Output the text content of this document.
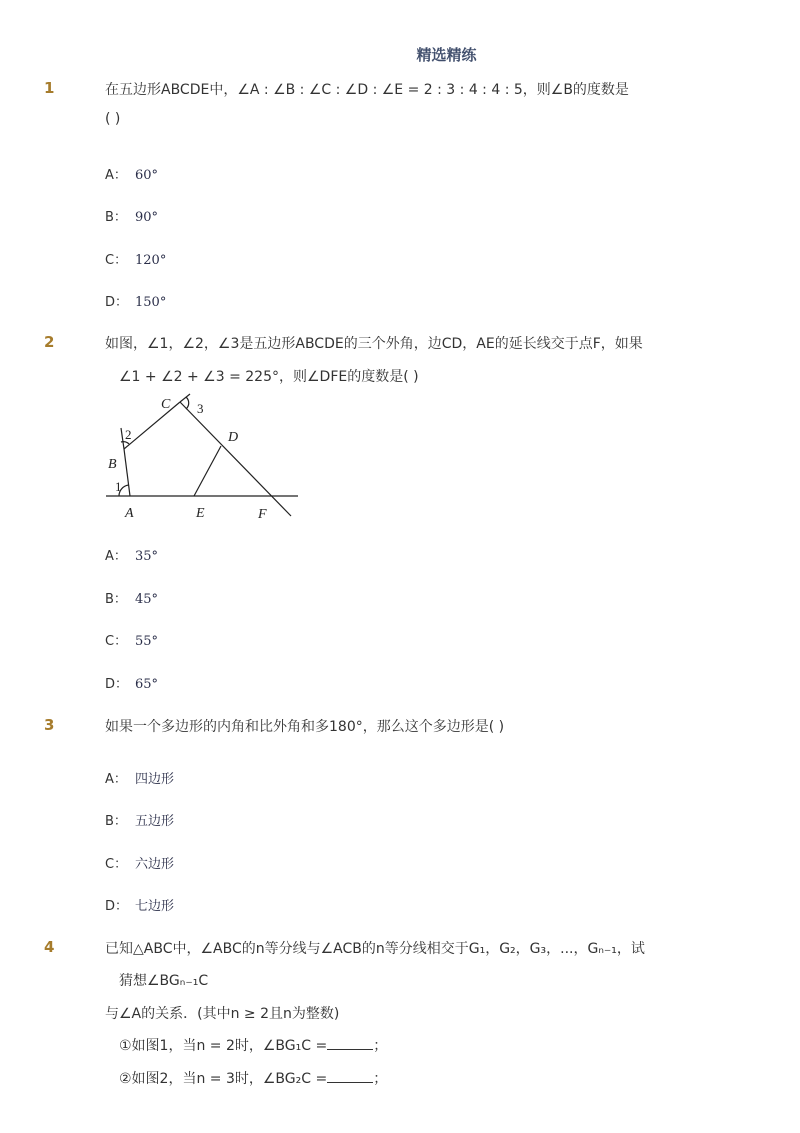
精选精练
1	在五边形ABCDE中，∠A : ∠B : ∠C : ∠D : ∠E = 2 : 3 : 4 : 4 : 5，则∠B的度数是
( )
A： 60°
B： 90°
C： 120°
D： 150°
2	如图，∠1，∠2，∠3是五边形ABCDE的三个外角，边CD，AE的延长线交于点F，如果
∠1 + ∠2 + ∠3 = 225°，则∠DFE的度数是( )
A
B
C
D
E	F
1
2
3
A： 35°
B： 45°
C： 55°
D： 65°
3	如果一个多边形的内角和比外角和多180°，那么这个多边形是( )
A： 四边形
B： 五边形
C： 六边形
D： 七边形
4	已知△ABC中，∠ABC的n等分线与∠ACB的n等分线相交于G₁，G₂，G₃，...，Gₙ₋₁，试
猜想∠BGₙ₋₁C
与∠A的关系．(其中n ≥ 2且n为整数)
①如图1，当n = 2时，∠BG₁C =	；
②如图2，当n = 3时，∠BG₂C =	；
